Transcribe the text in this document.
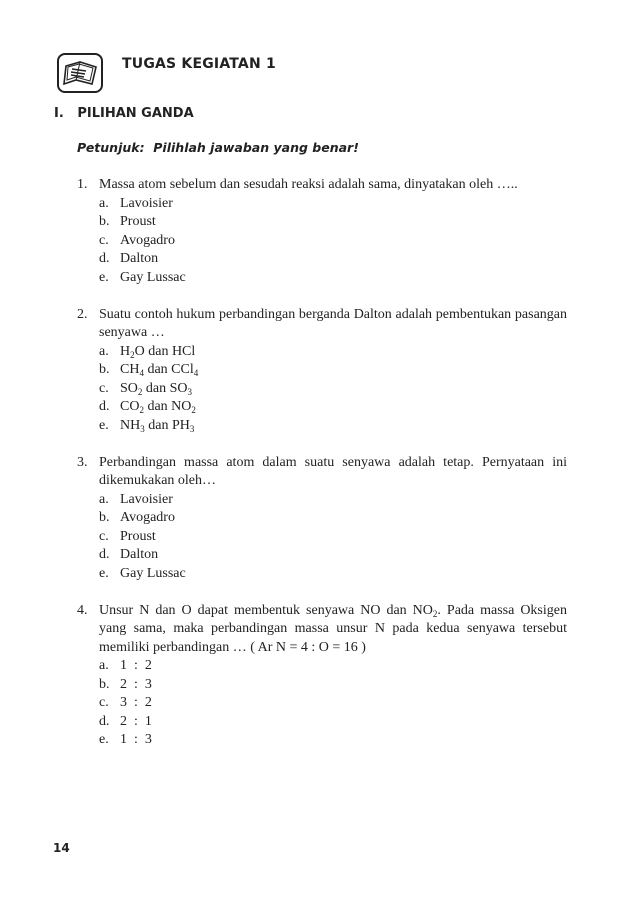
TUGAS KEGIATAN 1
I.   PILIHAN GANDA
Petunjuk:  Pilihlah jawaban yang benar!
1. Massa atom sebelum dan sesudah reaksi adalah sama, dinyatakan oleh …..
a. Lavoisier
b. Proust
c. Avogadro
d. Dalton
e. Gay Lussac
2. Suatu contoh hukum perbandingan berganda Dalton adalah pembentukan pasangan senyawa …
a. $H_2O$ dan HCl
b. $CH_4$ dan CCl$_4$
c. $SO_2$ dan $SO_3$
d. $CO_2$ dan $NO_2$
e. $NH_3$ dan $PH_3$
3. Perbandingan massa atom dalam suatu senyawa adalah tetap. Pernyataan ini dikemukakan oleh…
a. Lavoisier
b. Avogadro
c. Proust
d. Dalton
e. Gay Lussac
4. Unsur N dan O dapat membentuk senyawa NO dan $NO_2$. Pada massa Oksigen yang sama, maka perbandingan massa unsur N pada kedua senyawa tersebut memiliki perbandingan … ( Ar N = 4 : O = 16 )
a. 1  :  2
b. 2  :  3
c. 3  :  2
d. 2  :  1
e. 1  :  3
14
